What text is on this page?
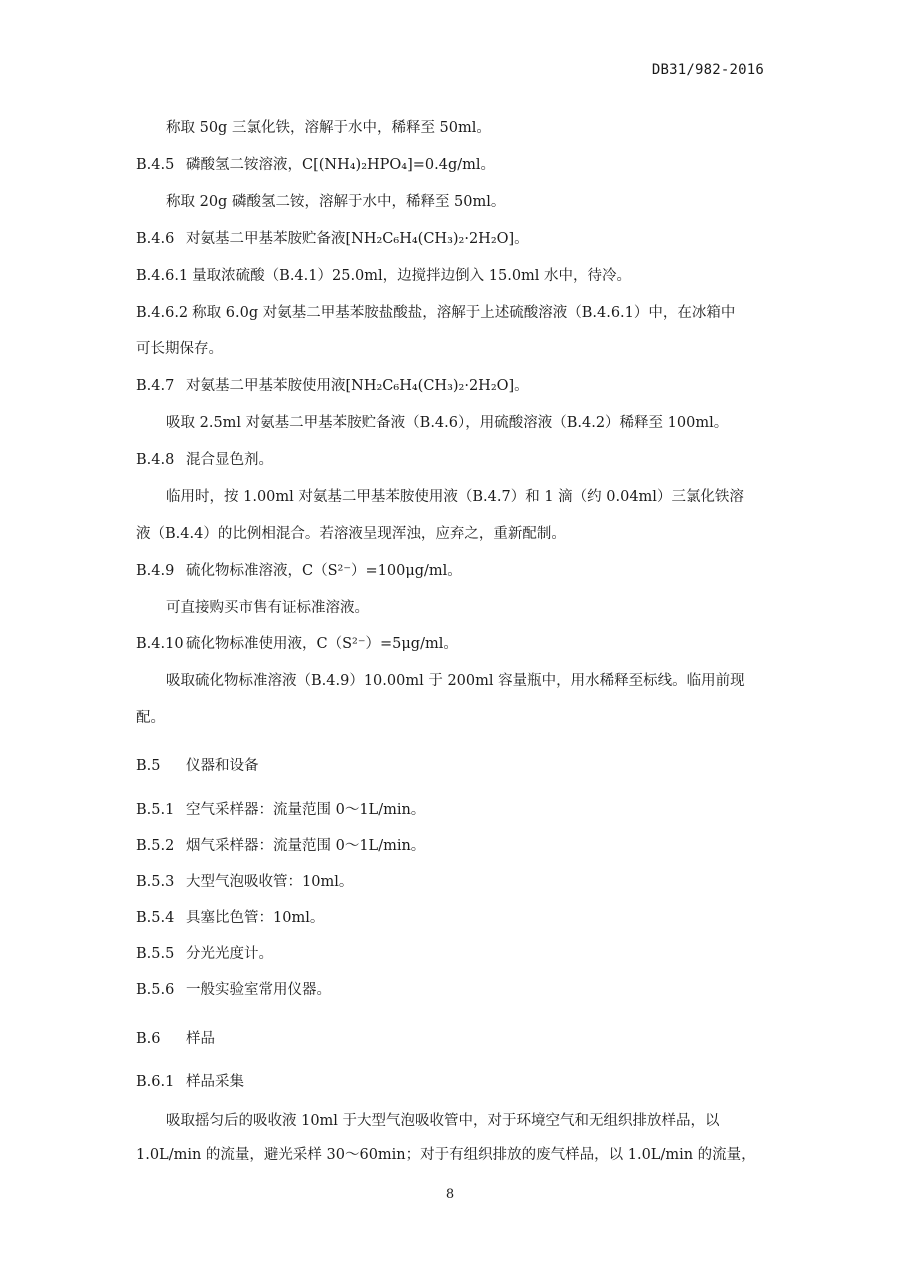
DB31/982-2016
称取 50g 三氯化铁，溶解于水中，稀释至 50ml。
B.4.5 磷酸氢二铵溶液，C[(NH₄)₂HPO₄]=0.4g/ml。
称取 20g 磷酸氢二铵，溶解于水中，稀释至 50ml。
B.4.6 对氨基二甲基苯胺贮备液[NH₂C₆H₄(CH₃)₂·2H₂O]。
B.4.6.1 量取浓硫酸（B.4.1）25.0ml，边搅拌边倒入 15.0ml 水中，待冷。
B.4.6.2 称取 6.0g 对氨基二甲基苯胺盐酸盐，溶解于上述硫酸溶液（B.4.6.1）中，在冰箱中
可长期保存。
B.4.7 对氨基二甲基苯胺使用液[NH₂C₆H₄(CH₃)₂·2H₂O]。
吸取 2.5ml 对氨基二甲基苯胺贮备液（B.4.6），用硫酸溶液（B.4.2）稀释至 100ml。
B.4.8 混合显色剂。
临用时，按 1.00ml 对氨基二甲基苯胺使用液（B.4.7）和 1 滴（约 0.04ml）三氯化铁溶
液（B.4.4）的比例相混合。若溶液呈现浑浊，应弃之，重新配制。
B.4.9 硫化物标准溶液，C（S²⁻）=100μg/ml。
可直接购买市售有证标准溶液。
B.4.10 硫化物标准使用液，C（S²⁻）=5μg/ml。
吸取硫化物标准溶液（B.4.9）10.00ml 于 200ml 容量瓶中，用水稀释至标线。临用前现
配。
B.5 仪器和设备
B.5.1 空气采样器：流量范围 0～1L/min。
B.5.2 烟气采样器：流量范围 0～1L/min。
B.5.3 大型气泡吸收管：10ml。
B.5.4 具塞比色管：10ml。
B.5.5 分光光度计。
B.5.6 一般实验室常用仪器。
B.6 样品
B.6.1 样品采集
吸取摇匀后的吸收液 10ml 于大型气泡吸收管中，对于环境空气和无组织排放样品，以
1.0L/min 的流量，避光采样 30～60min；对于有组织排放的废气样品，以 1.0L/min 的流量，
8
